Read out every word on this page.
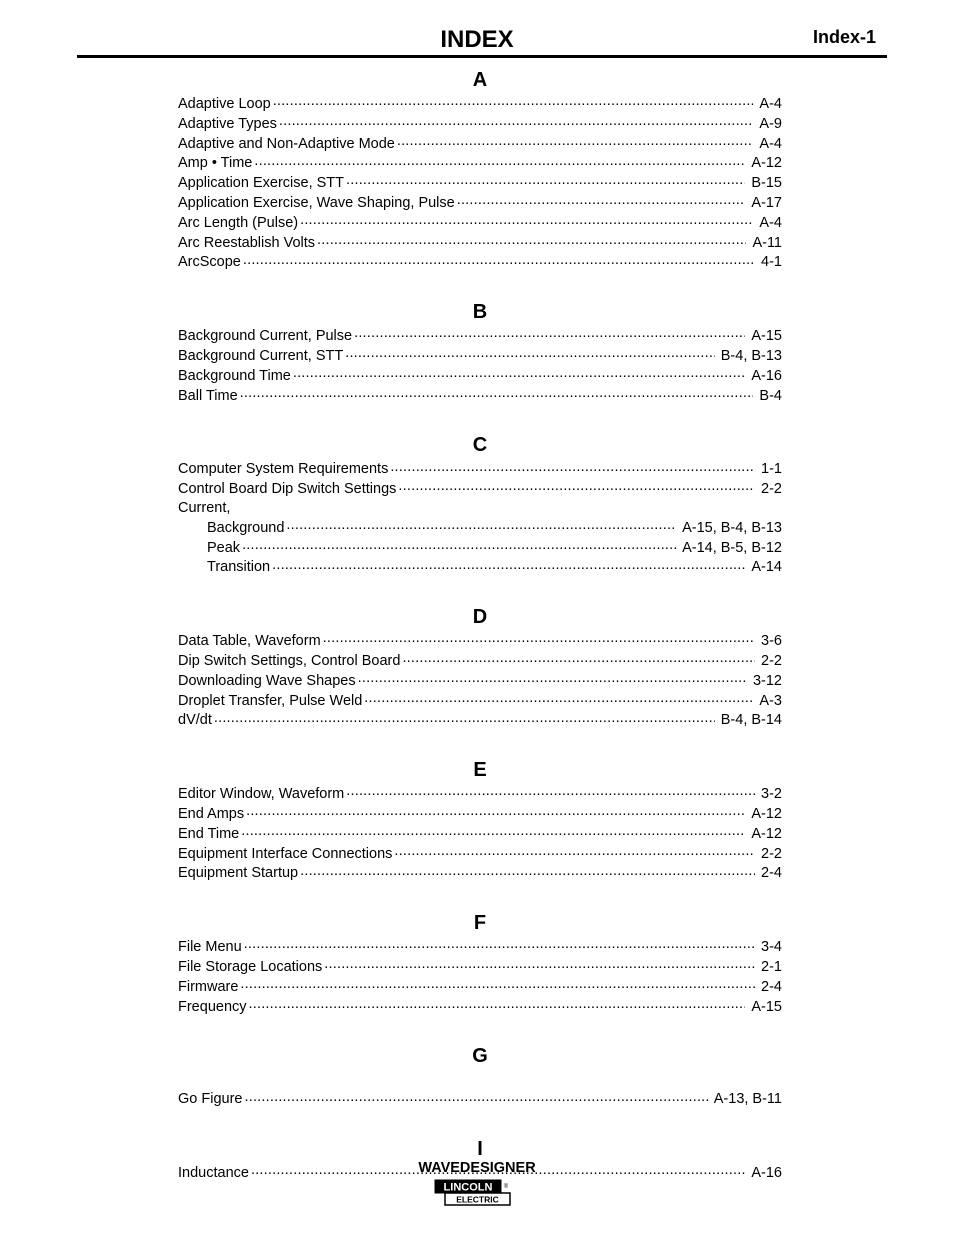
INDEX	Index-1
A
Adaptive Loop .....	A-4
Adaptive Types .....	A-9
Adaptive and Non-Adaptive Mode .....	A-4
Amp • Time .....	A-12
Application Exercise, STT .....	B-15
Application Exercise, Wave Shaping, Pulse .....	A-17
Arc Length (Pulse) .....	A-4
Arc Reestablish Volts .....	A-11
ArcScope .....	4-1
B
Background Current, Pulse .....	A-15
Background Current, STT .....	B-4, B-13
Background Time .....	A-16
Ball Time .....	B-4
C
Computer System Requirements .....	1-1
Control Board Dip Switch Settings .....	2-2
Current,
Background .....	A-15, B-4, B-13
Peak .....	A-14, B-5, B-12
Transition .....	A-14
D
Data Table, Waveform .....	3-6
Dip Switch Settings, Control Board .....	2-2
Downloading Wave Shapes .....	3-12
Droplet Transfer, Pulse Weld .....	A-3
dV/dt .....	B-4, B-14
E
Editor Window, Waveform .....	3-2
End Amps .....	A-12
End Time .....	A-12
Equipment Interface Connections .....	2-2
Equipment Startup .....	2-4
F
File Menu .....	3-4
File Storage Locations .....	2-1
Firmware .....	2-4
Frequency .....	A-15
G
Go Figure .....	A-13, B-11
I
Inductance .....	A-16
WAVEDESIGNER
LINCOLN ®
ELECTRIC
